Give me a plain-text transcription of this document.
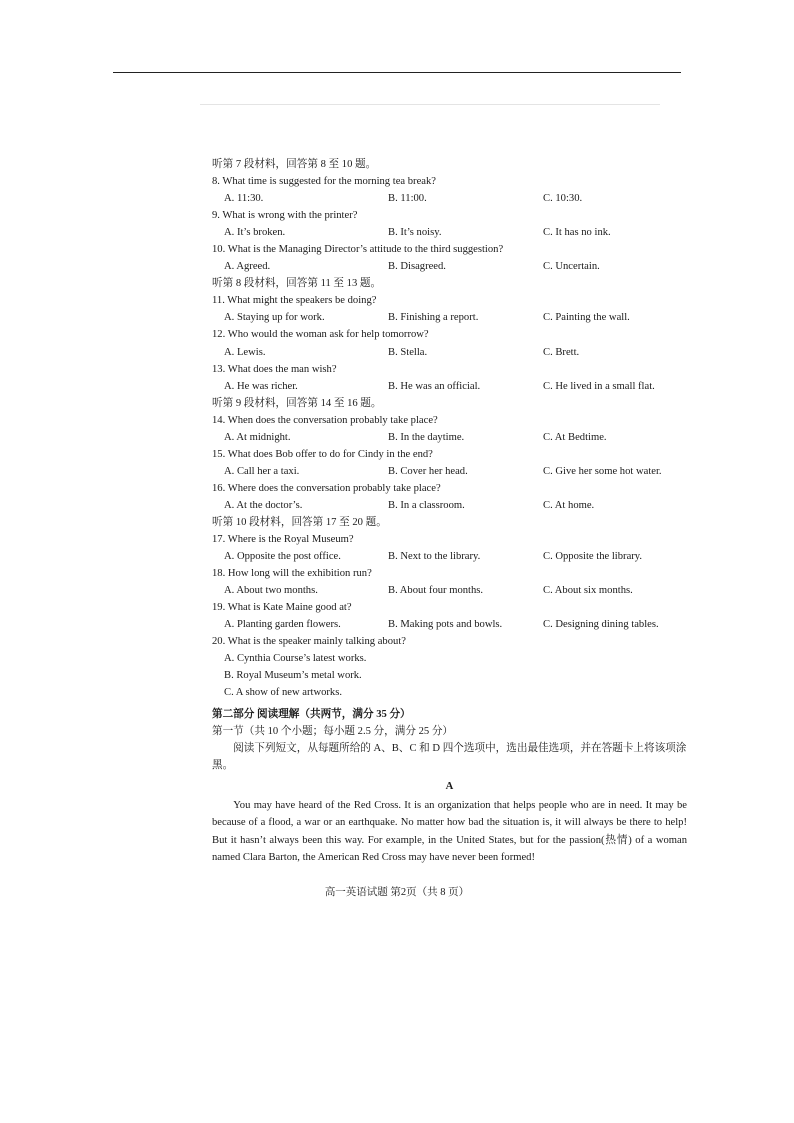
听第 7 段材料，回答第 8 至 10 题。
8. What time is suggested for the morning tea break?
A. 11:30.	B. 11:00.	C. 10:30.
9. What is wrong with the printer?
A. It’s broken.	B. It’s noisy.	C. It has no ink.
10. What is the Managing Director’s attitude to the third suggestion?
A. Agreed.	B. Disagreed.	C. Uncertain.
听第 8 段材料，回答第 11 至 13 题。
11. What might the speakers be doing?
A. Staying up for work.	B. Finishing a report.	C. Painting the wall.
12. Who would the woman ask for help tomorrow?
A. Lewis.	B. Stella.	C. Brett.
13. What does the man wish?
A. He was richer.	B. He was an official.	C. He lived in a small flat.
听第 9 段材料，回答第 14 至 16 题。
14. When does the conversation probably take place?
A. At midnight.	B. In the daytime.	C. At Bedtime.
15. What does Bob offer to do for Cindy in the end?
A. Call her a taxi.	B. Cover her head.	C. Give her some hot water.
16. Where does the conversation probably take place?
A. At the doctor’s.	B. In a classroom.	C. At home.
听第 10 段材料，回答第 17 至 20 题。
17. Where is the Royal Museum?
A. Opposite the post office.	B. Next to the library.	C. Opposite the library.
18. How long will the exhibition run?
A. About two months.	B. About four months.	C. About six months.
19. What is Kate Maine good at?
A. Planting garden flowers.	B. Making pots and bowls.	C. Designing dining tables.
20. What is the speaker mainly talking about?
A. Cynthia Course’s latest works.
B. Royal Museum’s metal work.
C. A show of new artworks.
第二部分 阅读理解（共两节，满分 35 分）
第一节（共 10 个小题；每小题 2.5 分，满分 25 分）
阅读下列短文，从每题所给的 A、B、C 和 D 四个选项中，选出最佳选项，并在答题卡上将该项涂黑。
A
You may have heard of the Red Cross. It is an organization that helps people who are in need. It may be because of a flood, a war or an earthquake. No matter how bad the situation is, it will always be there to help! But it hasn’t always been this way. For example, in the United States, but for the passion(热情) of a woman named Clara Barton, the American Red Cross may have never been formed!
高一英语试题 第2页（共 8 页）
